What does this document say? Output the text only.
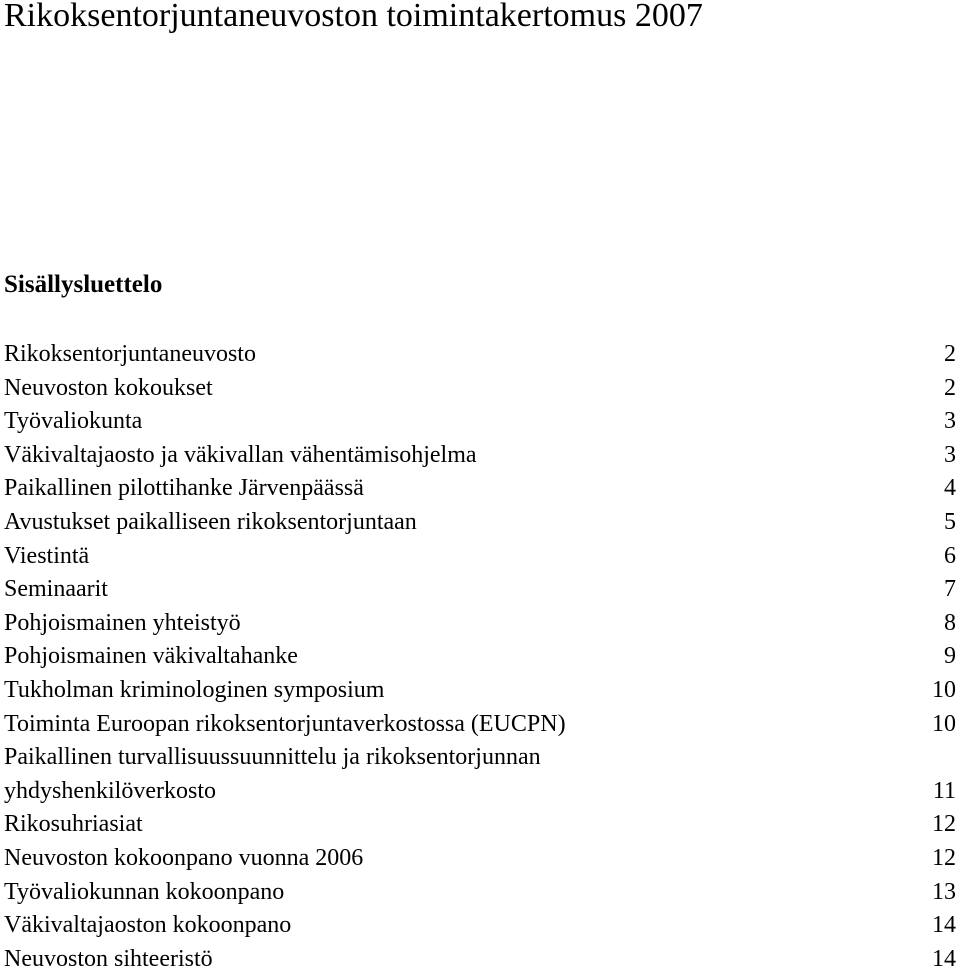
Rikoksentorjuntaneuvoston toimintakertomus 2007
Sisällysluettelo
Rikoksentorjuntaneuvosto	2
Neuvoston kokoukset	2
Työvaliokunta	3
Väkivaltajaosto ja väkivallan vähentämisohjelma	3
Paikallinen pilottihanke Järvenpäässä	4
Avustukset paikalliseen rikoksentorjuntaan	5
Viestintä	6
Seminaarit	7
Pohjoismainen yhteistyö	8
Pohjoismainen väkivaltahanke	9
Tukholman kriminologinen symposium	10
Toiminta Euroopan rikoksentorjuntaverkostossa (EUCPN)	10
Paikallinen turvallisuussuunnittelu ja rikoksentorjunnan
yhdyshenkilöverkosto	11
Rikosuhriasiat	12
Neuvoston kokoonpano vuonna 2006	12
Työvaliokunnan kokoonpano	13
Väkivaltajaoston kokoonpano	14
Neuvoston sihteeristö	14
